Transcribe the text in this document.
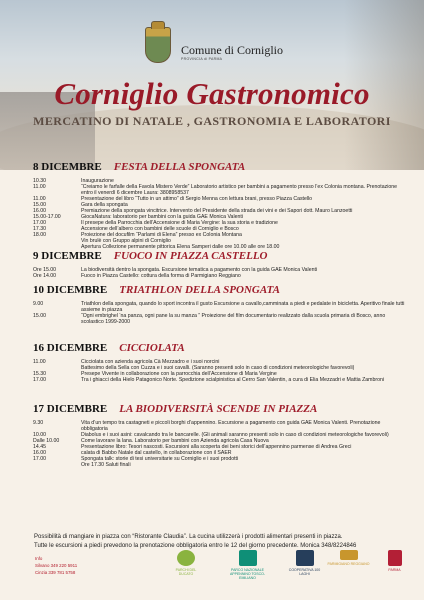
Comune di Corniglio
PROVINCIA di PARMA
Corniglio Gastronomico
MERCATINO DI NATALE , GASTRONOMIA E LABORATORI
8 DICEMBRE FESTA DELLA SPONGATA
10.30	Inaugurazione
11.00	“Creiamo le farfalle della Favola Mistero Verde” Laboratorio artistico per bambini a pagamento presso l’ex Colonia montana. Prenotazione entro il venerdì 6 dicembre Laura: 3808958537
11.00	Presentazione del libro “Tutto in un attimo” di Sergio Menna con lettura brani, presso Piazza Castello
15.00	Gara della spongata
16.00	Premiazione della spongata vincitrice. Intervento del Presidente della strada dei vini e dei Sapori dott. Mauro Lanzoetti
15.00-17.00	GiocaNatura: laboratorio per bambini con la guida GAE Monica Valenti
17.00	Il presepe della Parrocchia dell’Accensione di Maria Vergine: la sua storia e tradizione
17.30	Accensione dell’albero con bambini delle scuole di Corniglio e Bosco
18.00	Proiezione del docufilm “Parlami di Elena” presso ex Colonia Montana
Vin brulè con Gruppo alpini di Corniglio
Apertura Collezione permanente pittorica Elena Samperi dalle ore 10.00 alle ore 18.00
9 DICEMBRE FUOCO IN PIAZZA CASTELLO
Ore 15.00	La biodiversità dentro la spongata. Escursione tematica a pagamento con la guida GAE Monica Valenti
Ore 14.00	Fuoco in Piazza Castello: cottura della forma di Parmigiano Reggiano
10 DICEMBRE TRIATHLON DELLA SPONGATA
9.00	Triathlon della spongata, quando lo sport incontra il gusto Escursione a cavallo,camminata a piedi e pedalate in bicicletta. Aperitivo finale tutti assieme in piazza
15.00	“Ogni embrighel ‘na panza, ogni pane la su manza ” Proiezione del film documentario realizzato dalla scuola primaria di Bosco, anno scolastico 1999-2000
16 DICEMBRE CICCIOLATA
11.00	Cicciolata con azienda agricola Cà Mezzadro e i suoi norcini
Battesimo della Sella con Cuzza e i suoi cavalli. (Saranno presenti solo in caso di condizioni meteorologiche favorevoli)
15.30	Presepe Vivente in collaborazione con la parrocchia dell’Accensione di Maria Vergine
17.00	Tra i ghiacci della Hielo Patagonico Norte. Spedizione scialpinistica al Cerro San Valentin, a cura di Elia Mezzadri e Mattia Zambroni
17 DICEMBRE LA BIODIVERSITÀ SCENDE IN PIAZZA
9.30	Vita d’un tempo tra castagneti e piccoli borghi d’appennino. Escursione a pagamento con guida GAE Monica Valenti. Prenotazione obbligatoria
10.00	Diabolus e i suoi asini: cavalcando tra le bancarelle. (Gli animali saranno presenti solo in caso di condizioni meteorologiche favorevoli)
Dalle 10.00	Come lavorare la lana. Laboratorio per bambini con Azienda agricola Casa Nuova
14.45	Presentazione libro: Tesori nascosti. Escursioni alla scoperta dei beni storici dell’appennino parmense di Andrea Greci
16.00	calata di Babbo Natale dal castello, in collaborazione con il SAER
17.00	Spongata talk: storie di tesi universitarie su Corniglio e i suoi prodotti
Ore 17.30 Saluti finali
Possibilità di mangiare in piazza con “Ristorante Claudia”. La cucina utilizzerà i prodotti alimentari presenti in piazza.
Tutte le escursioni a piedi prevedono la prenotazione obbligatoria entro le 12 del giorno precedente. Monica 348/8224846
Info
Silvano 349 220 5911
Cinzia 339 781 5758	PARCHI DEL DUCATO
PARCO NAZIONALE APPENNINO TOSCO-EMILIANO
COOPERATIVA 100 LAGHI
PARMIGIANO REGGIANO
PARMA
